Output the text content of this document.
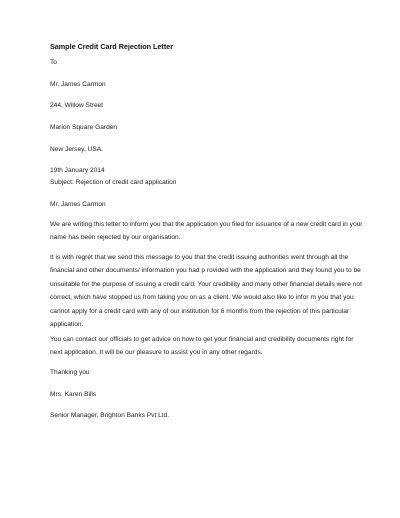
Sample Credit Card Rejection Letter
To
Mr. James Carmon
244, Willow Street
Marion Square Garden
New Jersey, USA.
19th January 2014
Subject: Rejection of credit card application
Mr. James Carmon
We are writing this letter to inform you that the application you filed for issuance of a new credit card in your
name has been rejected by our organisation.
It is with regret that we send this message to you that the credit issuing authorities went through all the
financial and other documents/ information you had p rovided with the application and they found you to be
unsuitable for the purpose of issuing a credit card. Your credibility and many other financial details were not
correct, which have stopped us from taking you on as a client. We would also like to infor m you that you
cannot apply for a credit card with any of our institution for 6 months from the rejection of this particular
application.
You can contact our officials to get advice on how to get your financial and credibility documents right for
next application. It will be our pleasure to assist you in any other regards.
Thanking you
Mrs. Karen Bills
Senior Manager, Brighton Banks Pvt Ltd.
